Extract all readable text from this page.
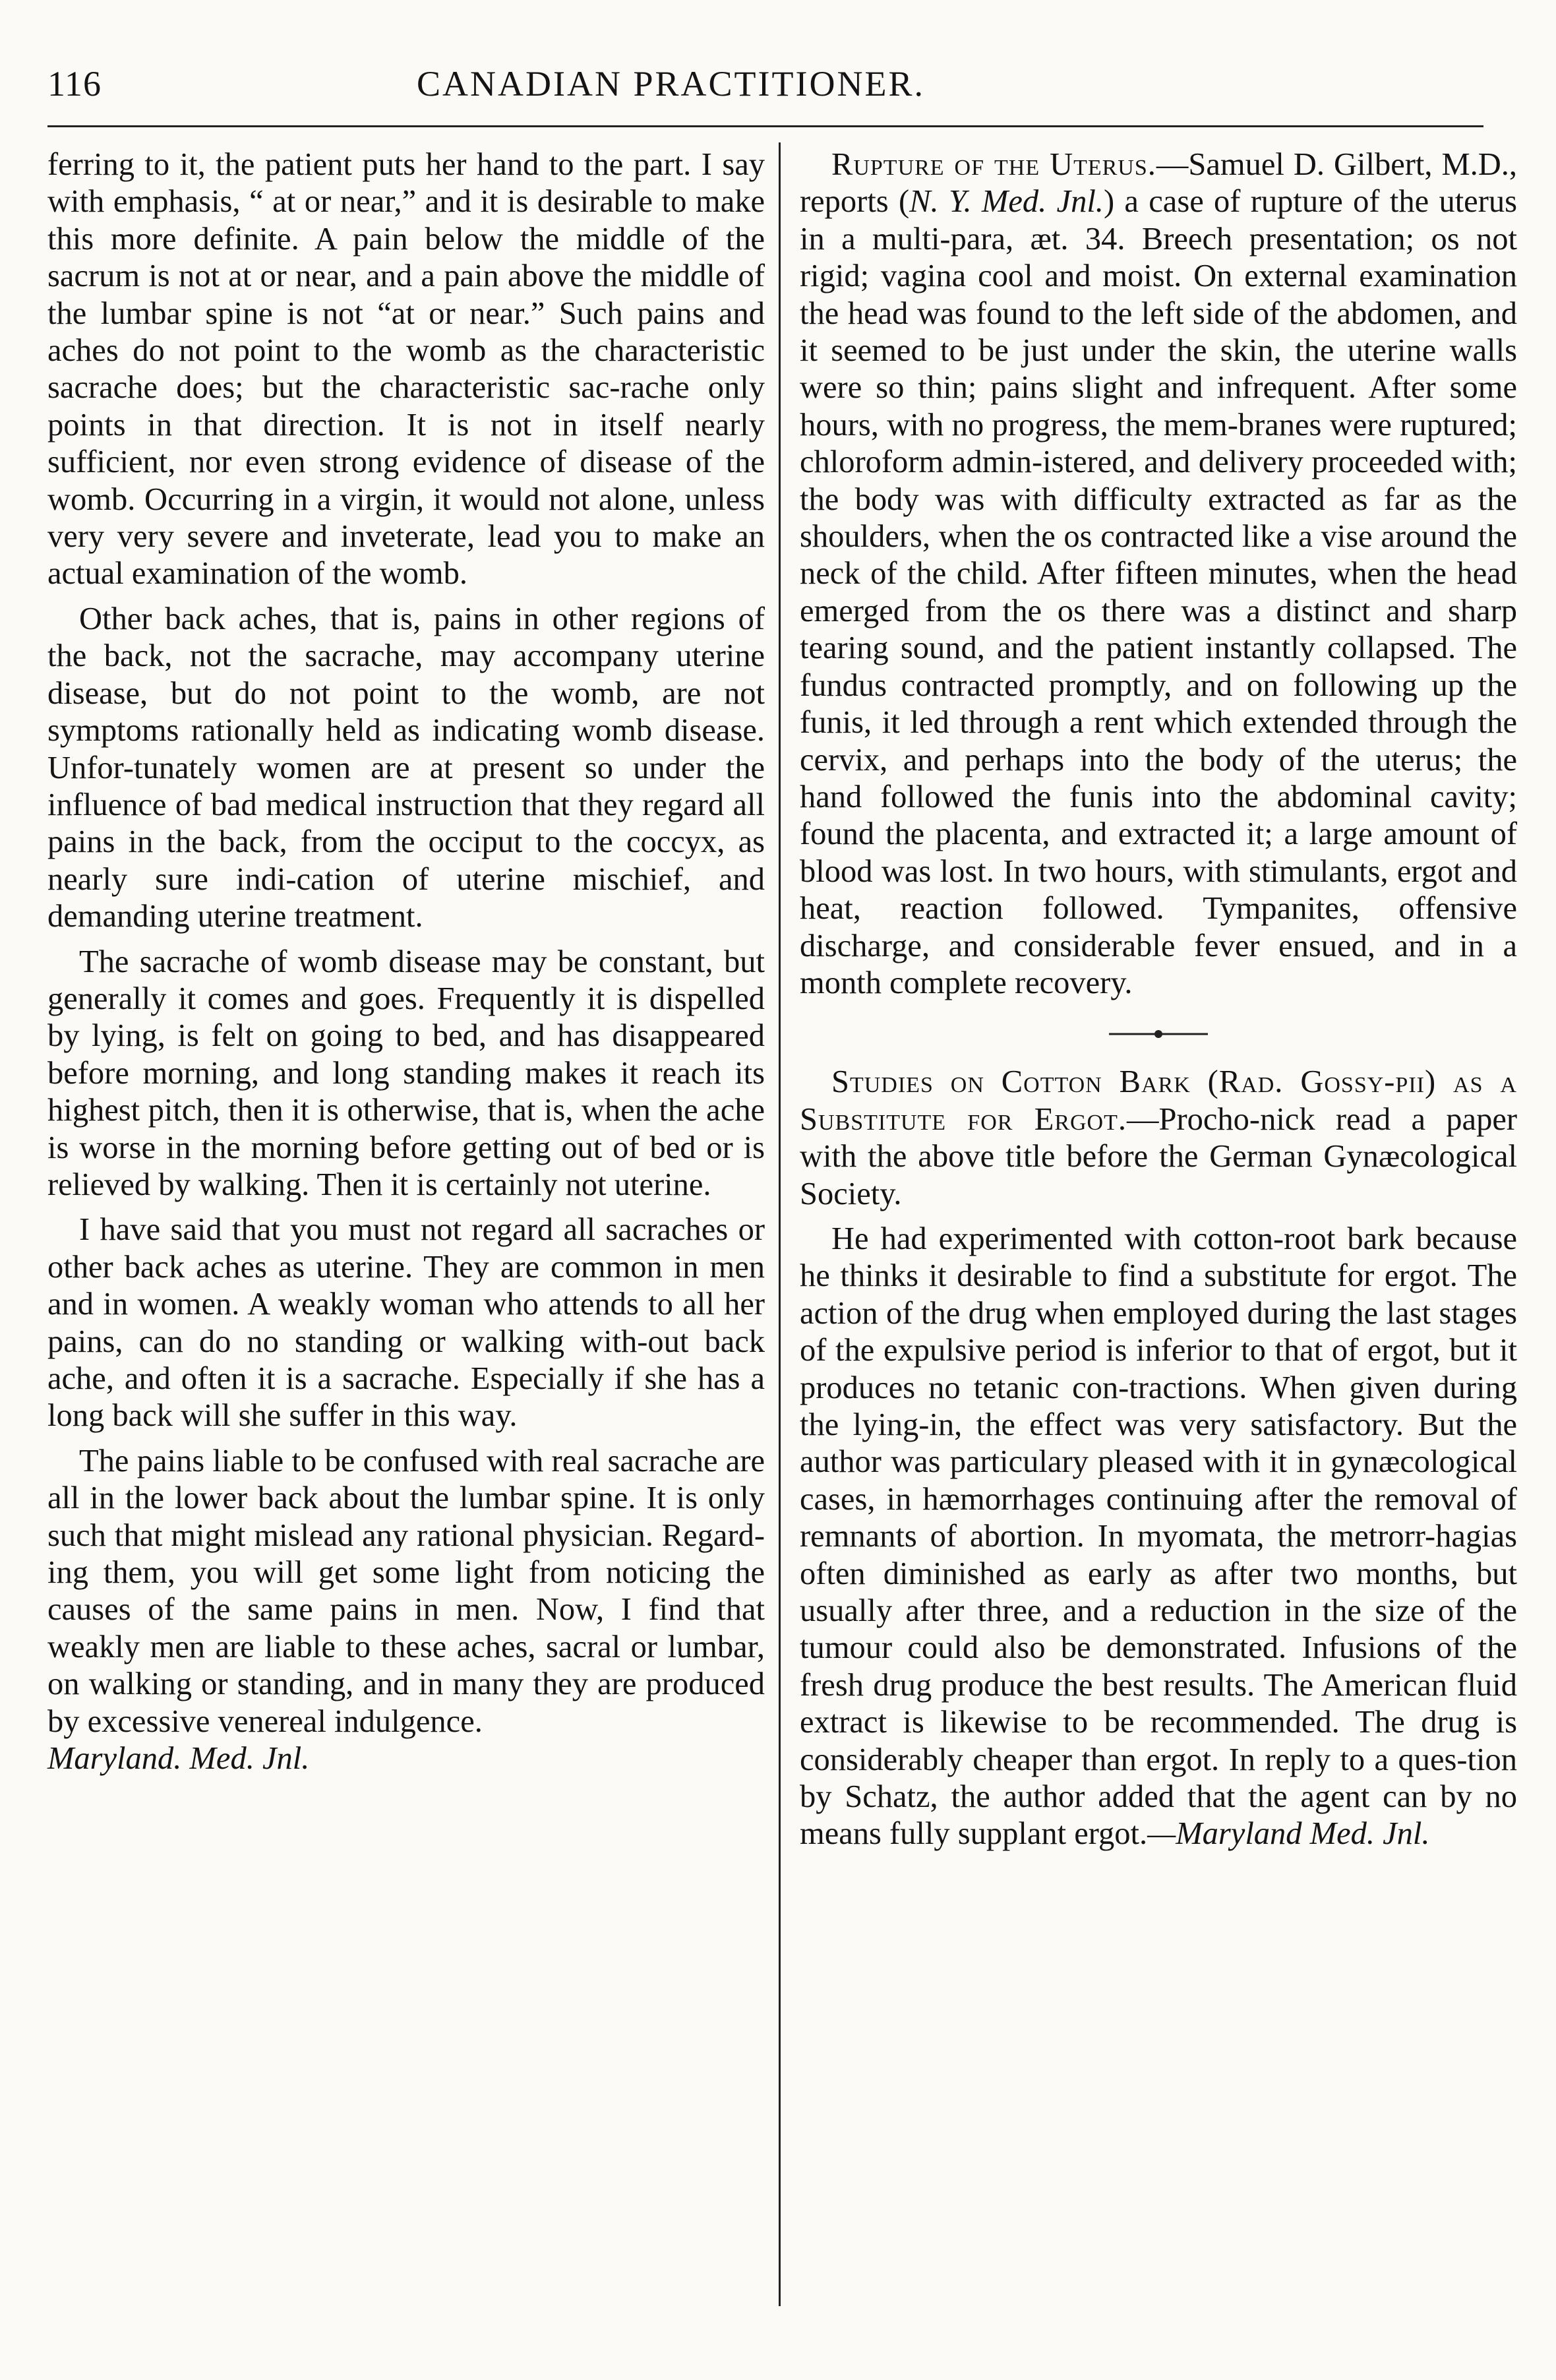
116	CANADIAN PRACTITIONER.

ferring to it, the patient puts her hand to the part. I say with emphasis, “ at or near,” and it is desirable to make this more definite. A pain below the middle of the sacrum is not at or near, and a pain above the middle of the lumbar spine is not “at or near.” Such pains and aches do not point to the womb as the characteristic sacrache does; but the characteristic sac-rache only points in that direction. It is not in itself nearly sufficient, nor even strong evidence of disease of the womb. Occurring in a virgin, it would not alone, unless very very severe and inveterate, lead you to make an actual examination of the womb.

Other back aches, that is, pains in other regions of the back, not the sacrache, may accompany uterine disease, but do not point to the womb, are not symptoms rationally held as indicating womb disease. Unfor-tunately women are at present so under the influence of bad medical instruction that they regard all pains in the back, from the occiput to the coccyx, as nearly sure indi-cation of uterine mischief, and demanding uterine treatment.

The sacrache of womb disease may be constant, but generally it comes and goes. Frequently it is dispelled by lying, is felt on going to bed, and has disappeared before morning, and long standing makes it reach its highest pitch, then it is otherwise, that is, when the ache is worse in the morning before getting out of bed or is relieved by walking. Then it is certainly not uterine.

I have said that you must not regard all sacraches or other back aches as uterine. They are common in men and in women. A weakly woman who attends to all her pains, can do no standing or walking with-out back ache, and often it is a sacrache. Especially if she has a long back will she suffer in this way.

The pains liable to be confused with real sacrache are all in the lower back about the lumbar spine. It is only such that might mislead any rational physician. Regard-ing them, you will get some light from noticing the causes of the same pains in men. Now, I find that weakly men are liable to these aches, sacral or lumbar, on walking or standing, and in many they are produced by excessive venereal indulgence.
Maryland. Med. Jnl.

Rupture of the Uterus.—Samuel D. Gilbert, M.D., reports (N. Y. Med. Jnl.) a case of rupture of the uterus in a multi-para, æt. 34. Breech presentation; os not rigid; vagina cool and moist. On external examination the head was found to the left side of the abdomen, and it seemed to be just under the skin, the uterine walls were so thin; pains slight and infrequent. After some hours, with no progress, the mem-branes were ruptured; chloroform admin-istered, and delivery proceeded with; the body was with difficulty extracted as far as the shoulders, when the os contracted like a vise around the neck of the child. After fifteen minutes, when the head emerged from the os there was a distinct and sharp tearing sound, and the patient instantly collapsed. The fundus contracted promptly, and on following up the funis, it led through a rent which extended through the cervix, and perhaps into the body of the uterus; the hand followed the funis into the abdominal cavity; found the placenta, and extracted it; a large amount of blood was lost. In two hours, with stimulants, ergot and heat, reaction followed. Tympanites, offensive discharge, and considerable fever ensued, and in a month complete recovery.

Studies on Cotton Bark (Rad. Gossy-pii) as a Substitute for Ergot.—Procho-nick read a paper with the above title before the German Gynæcological Society.

He had experimented with cotton-root bark because he thinks it desirable to find a substitute for ergot. The action of the drug when employed during the last stages of the expulsive period is inferior to that of ergot, but it produces no tetanic con-tractions. When given during the lying-in, the effect was very satisfactory. But the author was particulary pleased with it in gynæcological cases, in hæmorrhages continuing after the removal of remnants of abortion. In myomata, the metrorr-hagias often diminished as early as after two months, but usually after three, and a reduction in the size of the tumour could also be demonstrated. Infusions of the fresh drug produce the best results. The American fluid extract is likewise to be recommended. The drug is considerably cheaper than ergot. In reply to a ques-tion by Schatz, the author added that the agent can by no means fully supplant ergot.—Maryland Med. Jnl.
